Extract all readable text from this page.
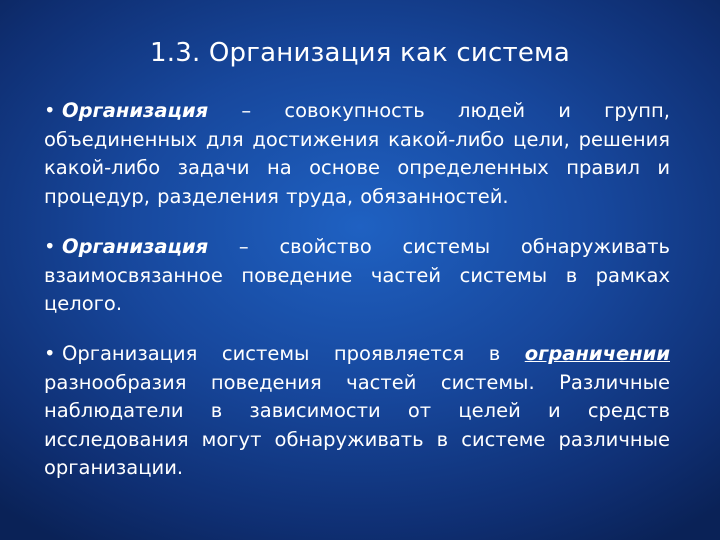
1.3. Организация как система
• Организация – совокупность людей и групп, объединенных для достижения какой-либо цели, решения какой-либо задачи на основе определенных правил и процедур, разделения труда, обязанностей.
• Организация – свойство системы обнаруживать взаимосвязанное поведение частей системы в рамках целого.
• Организация системы проявляется в ограничении разнообразия поведения частей системы. Различные наблюдатели в зависимости от целей и средств исследования могут обнаруживать в системе различные организации.
